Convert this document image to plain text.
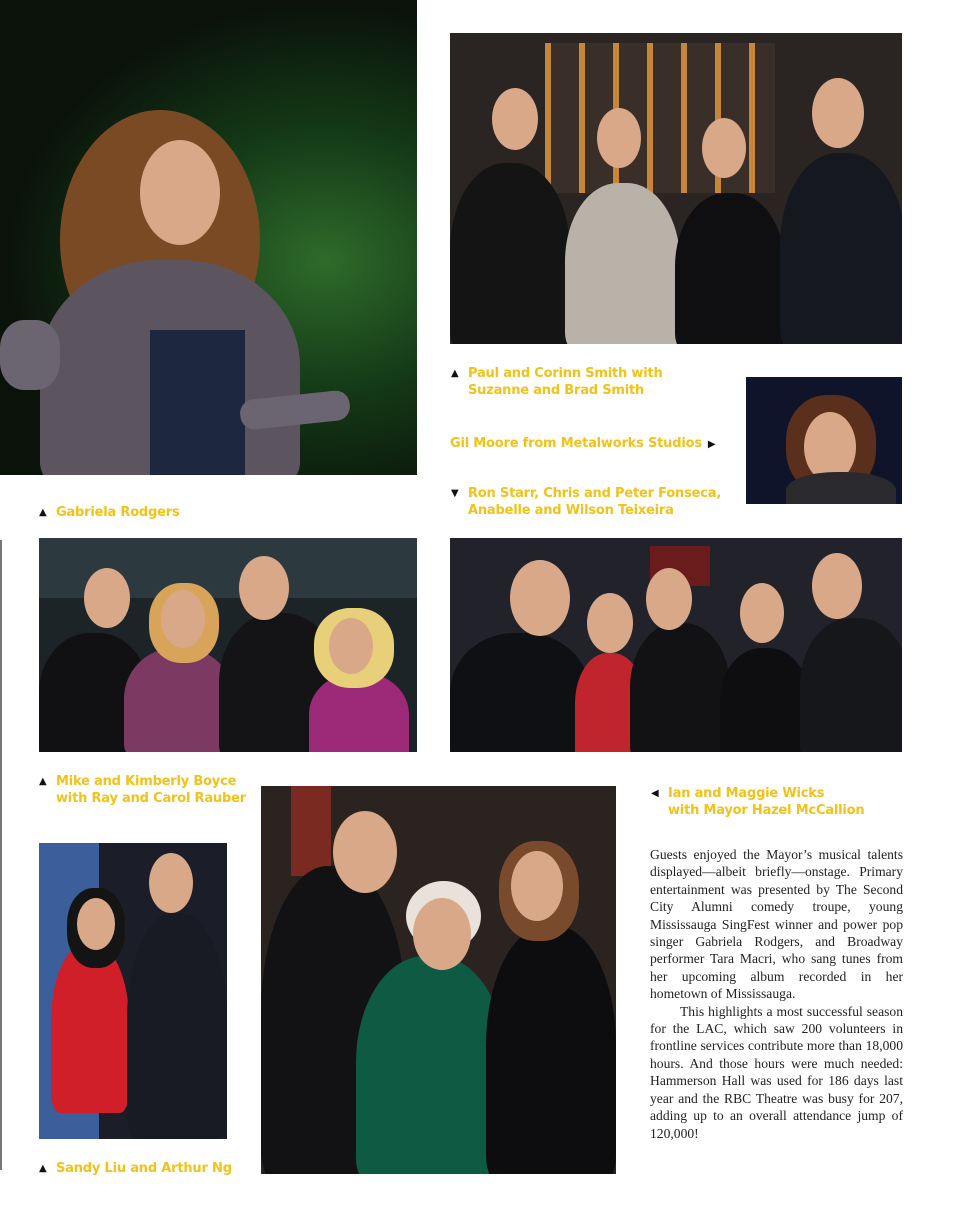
▲ Gabriela Rodgers
▲ Paul and Corinn Smith with
Suzanne and Brad Smith
Gil Moore from Metalworks Studios ▶
▼ Ron Starr, Chris and Peter Fonseca,
Anabelle and Wilson Teixeira
▲ Mike and Kimberly Boyce
with Ray and Carol Rauber	◀ Ian and Maggie Wicks
with Mayor Hazel McCallion
▲ Sandy Liu and Arthur Ng

Guests enjoyed the Mayor’s musical talents displayed—albeit briefly—onstage. Primary entertainment was presented by The Second City Alumni comedy troupe, young Mississauga SingFest winner and power pop singer Gabriela Rodgers, and Broadway performer Tara Macri, who sang tunes from her upcoming album recorded in her hometown of Mississauga.

This highlights a most successful season for the LAC, which saw 200 volunteers in frontline services contribute more than 18,000 hours. And those hours were much needed: Hammerson Hall was used for 186 days last year and the RBC Theatre was busy for 207, adding up to an overall attendance jump of 120,000!
